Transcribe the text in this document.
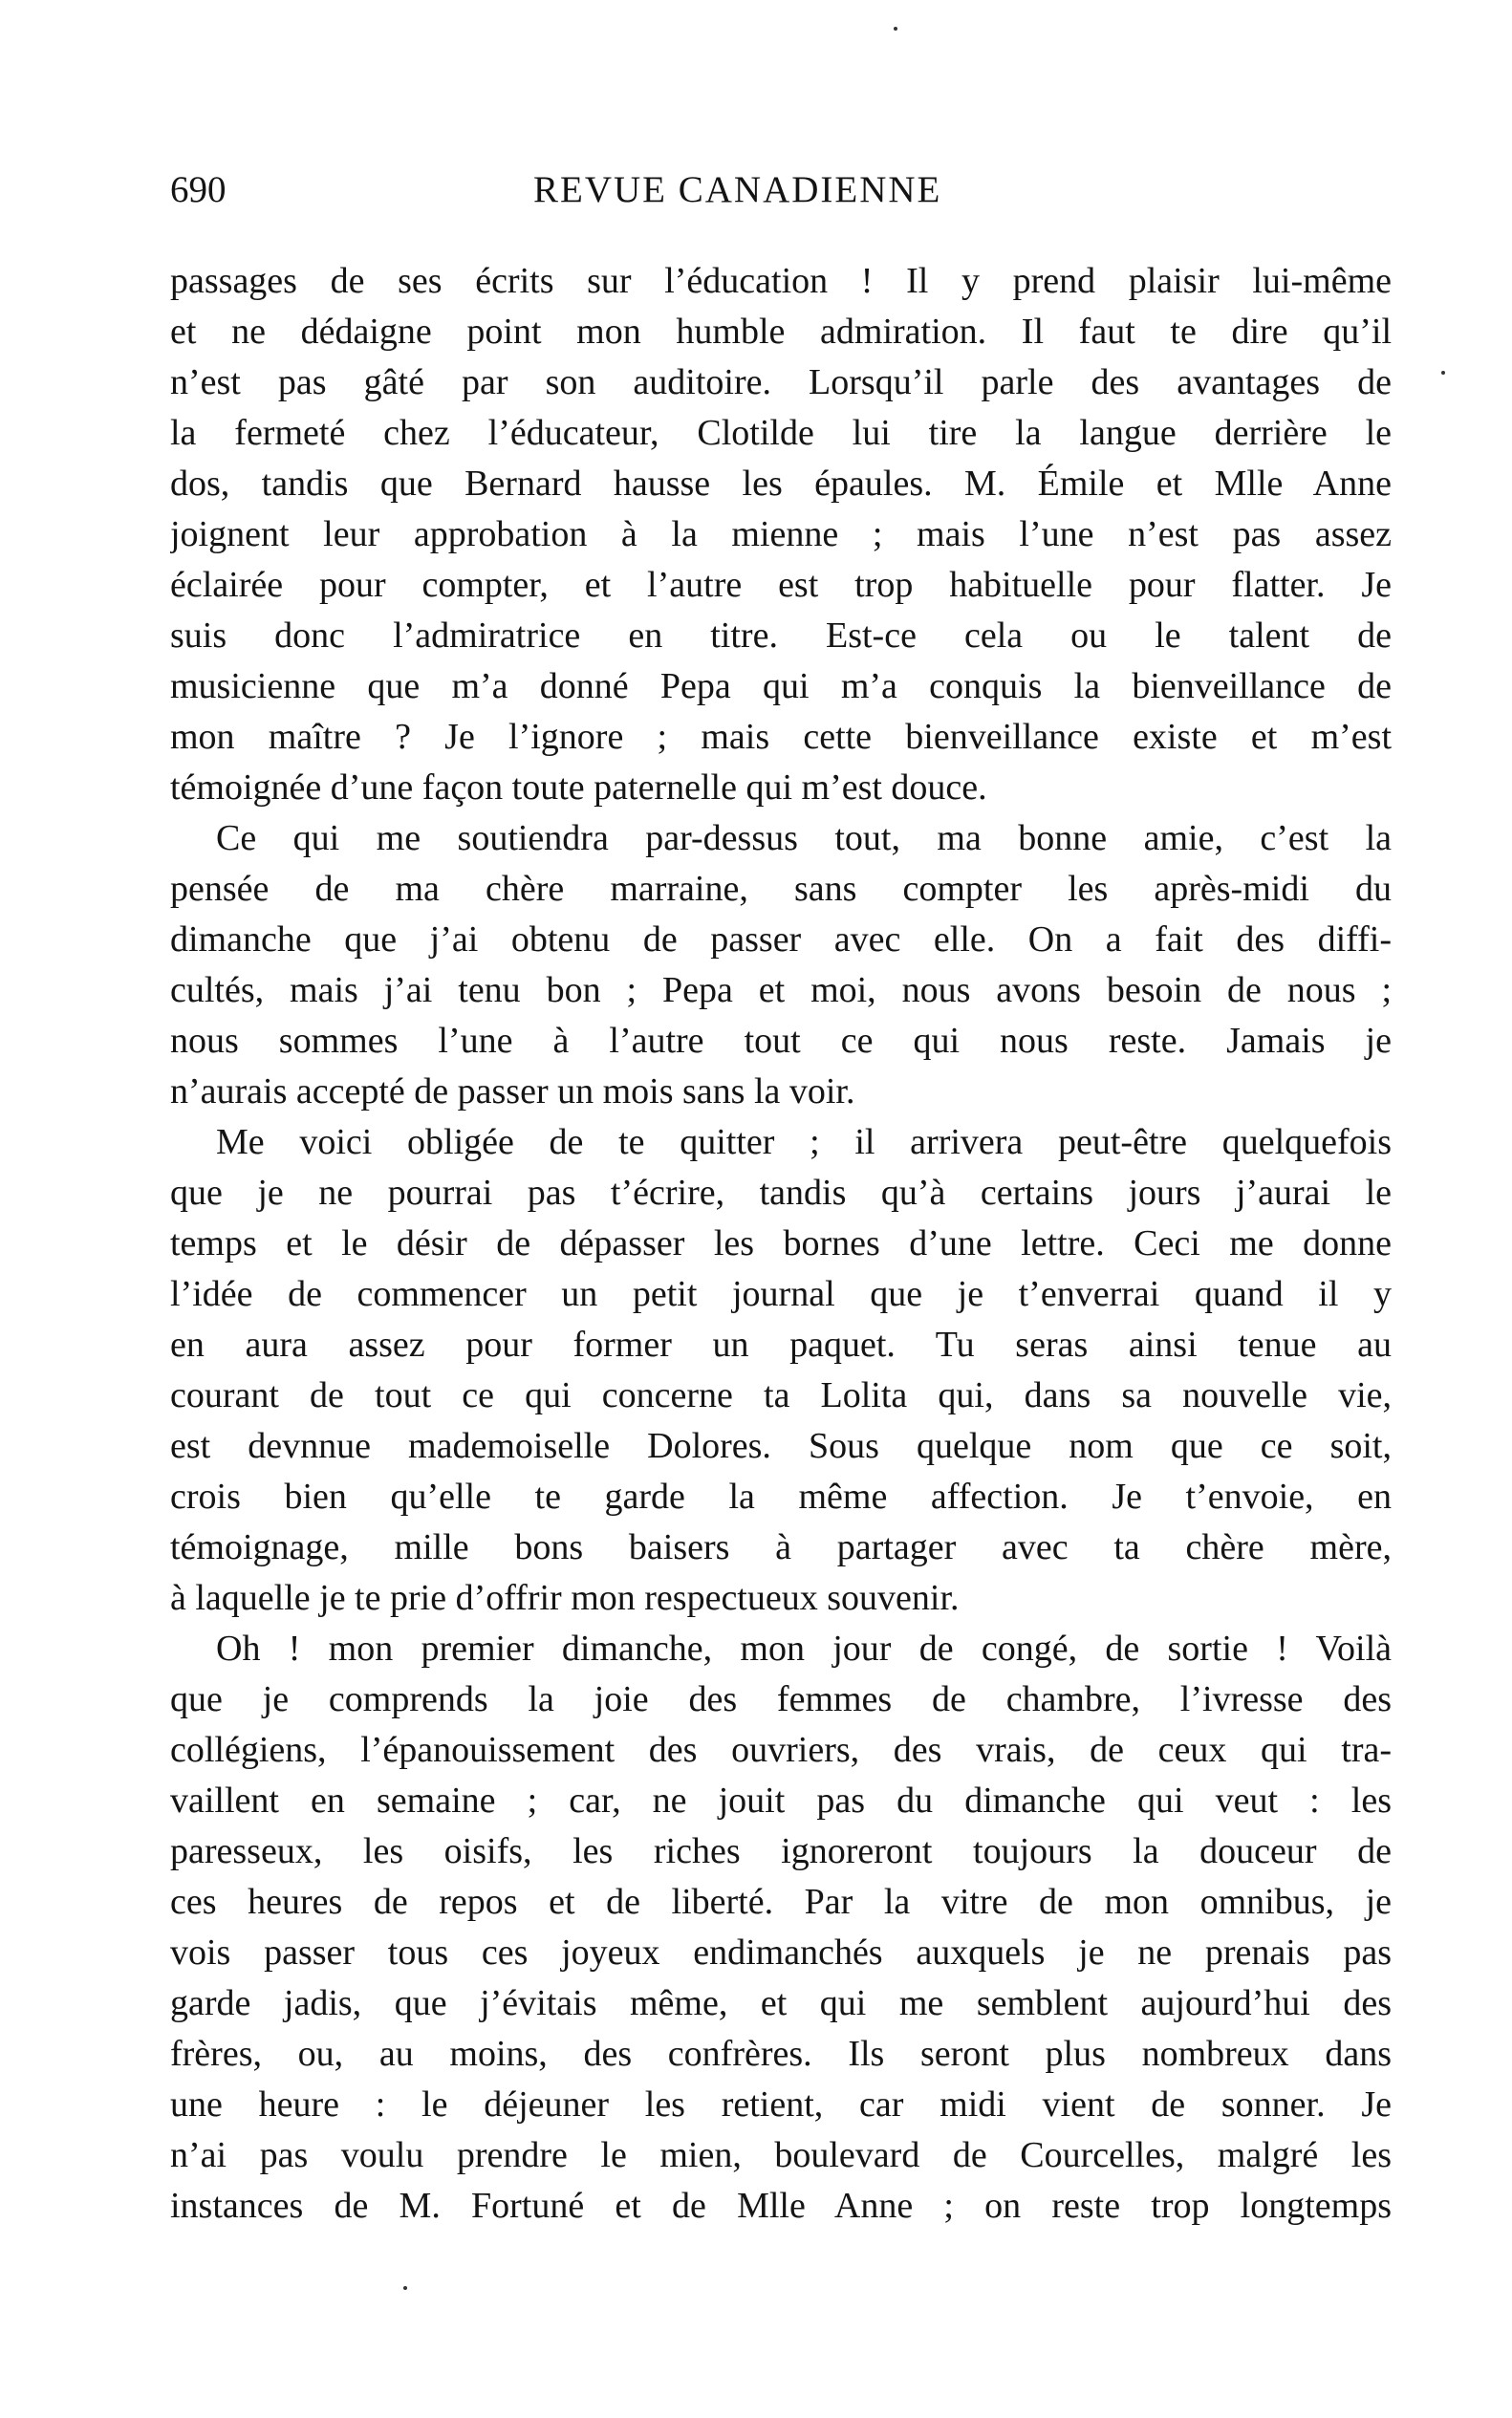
690	REVUE CANADIENNE
passages de ses écrits sur l’éducation ! Il y prend plaisir lui-même
et ne dédaigne point mon humble admiration. Il faut te dire qu’il
n’est pas gâté par son auditoire. Lorsqu’il parle des avantages de
la fermeté chez l’éducateur, Clotilde lui tire la langue derrière le
dos, tandis que Bernard hausse les épaules. M. Émile et Mlle Anne
joignent leur approbation à la mienne ; mais l’une n’est pas assez
éclairée pour compter, et l’autre est trop habituelle pour flatter. Je
suis donc l’admiratrice en titre. Est-ce cela ou le talent de
musicienne que m’a donné Pepa qui m’a conquis la bienveillance de
mon maître ? Je l’ignore ; mais cette bienveillance existe et m’est
témoignée d’une façon toute paternelle qui m’est douce.
Ce qui me soutiendra par-dessus tout, ma bonne amie, c’est la
pensée de ma chère marraine, sans compter les après-midi du
dimanche que j’ai obtenu de passer avec elle. On a fait des diffi-
cultés, mais j’ai tenu bon ; Pepa et moi, nous avons besoin de nous ;
nous sommes l’une à l’autre tout ce qui nous reste. Jamais je
n’aurais accepté de passer un mois sans la voir.
Me voici obligée de te quitter ; il arrivera peut-être quelquefois
que je ne pourrai pas t’écrire, tandis qu’à certains jours j’aurai le
temps et le désir de dépasser les bornes d’une lettre. Ceci me donne
l’idée de commencer un petit journal que je t’enverrai quand il y
en aura assez pour former un paquet. Tu seras ainsi tenue au
courant de tout ce qui concerne ta Lolita qui, dans sa nouvelle vie,
est devnnue mademoiselle Dolores. Sous quelque nom que ce soit,
crois bien qu’elle te garde la même affection. Je t’envoie, en
témoignage, mille bons baisers à partager avec ta chère mère,
à laquelle je te prie d’offrir mon respectueux souvenir.
Oh ! mon premier dimanche, mon jour de congé, de sortie ! Voilà
que je comprends la joie des femmes de chambre, l’ivresse des
collégiens, l’épanouissement des ouvriers, des vrais, de ceux qui tra-
vaillent en semaine ; car, ne jouit pas du dimanche qui veut : les
paresseux, les oisifs, les riches ignoreront toujours la douceur de
ces heures de repos et de liberté. Par la vitre de mon omnibus, je
vois passer tous ces joyeux endimanchés auxquels je ne prenais pas
garde jadis, que j’évitais même, et qui me semblent aujourd’hui des
frères, ou, au moins, des confrères. Ils seront plus nombreux dans
une heure : le déjeuner les retient, car midi vient de sonner. Je
n’ai pas voulu prendre le mien, boulevard de Courcelles, malgré les
instances de M. Fortuné et de Mlle Anne ; on reste trop longtemps
